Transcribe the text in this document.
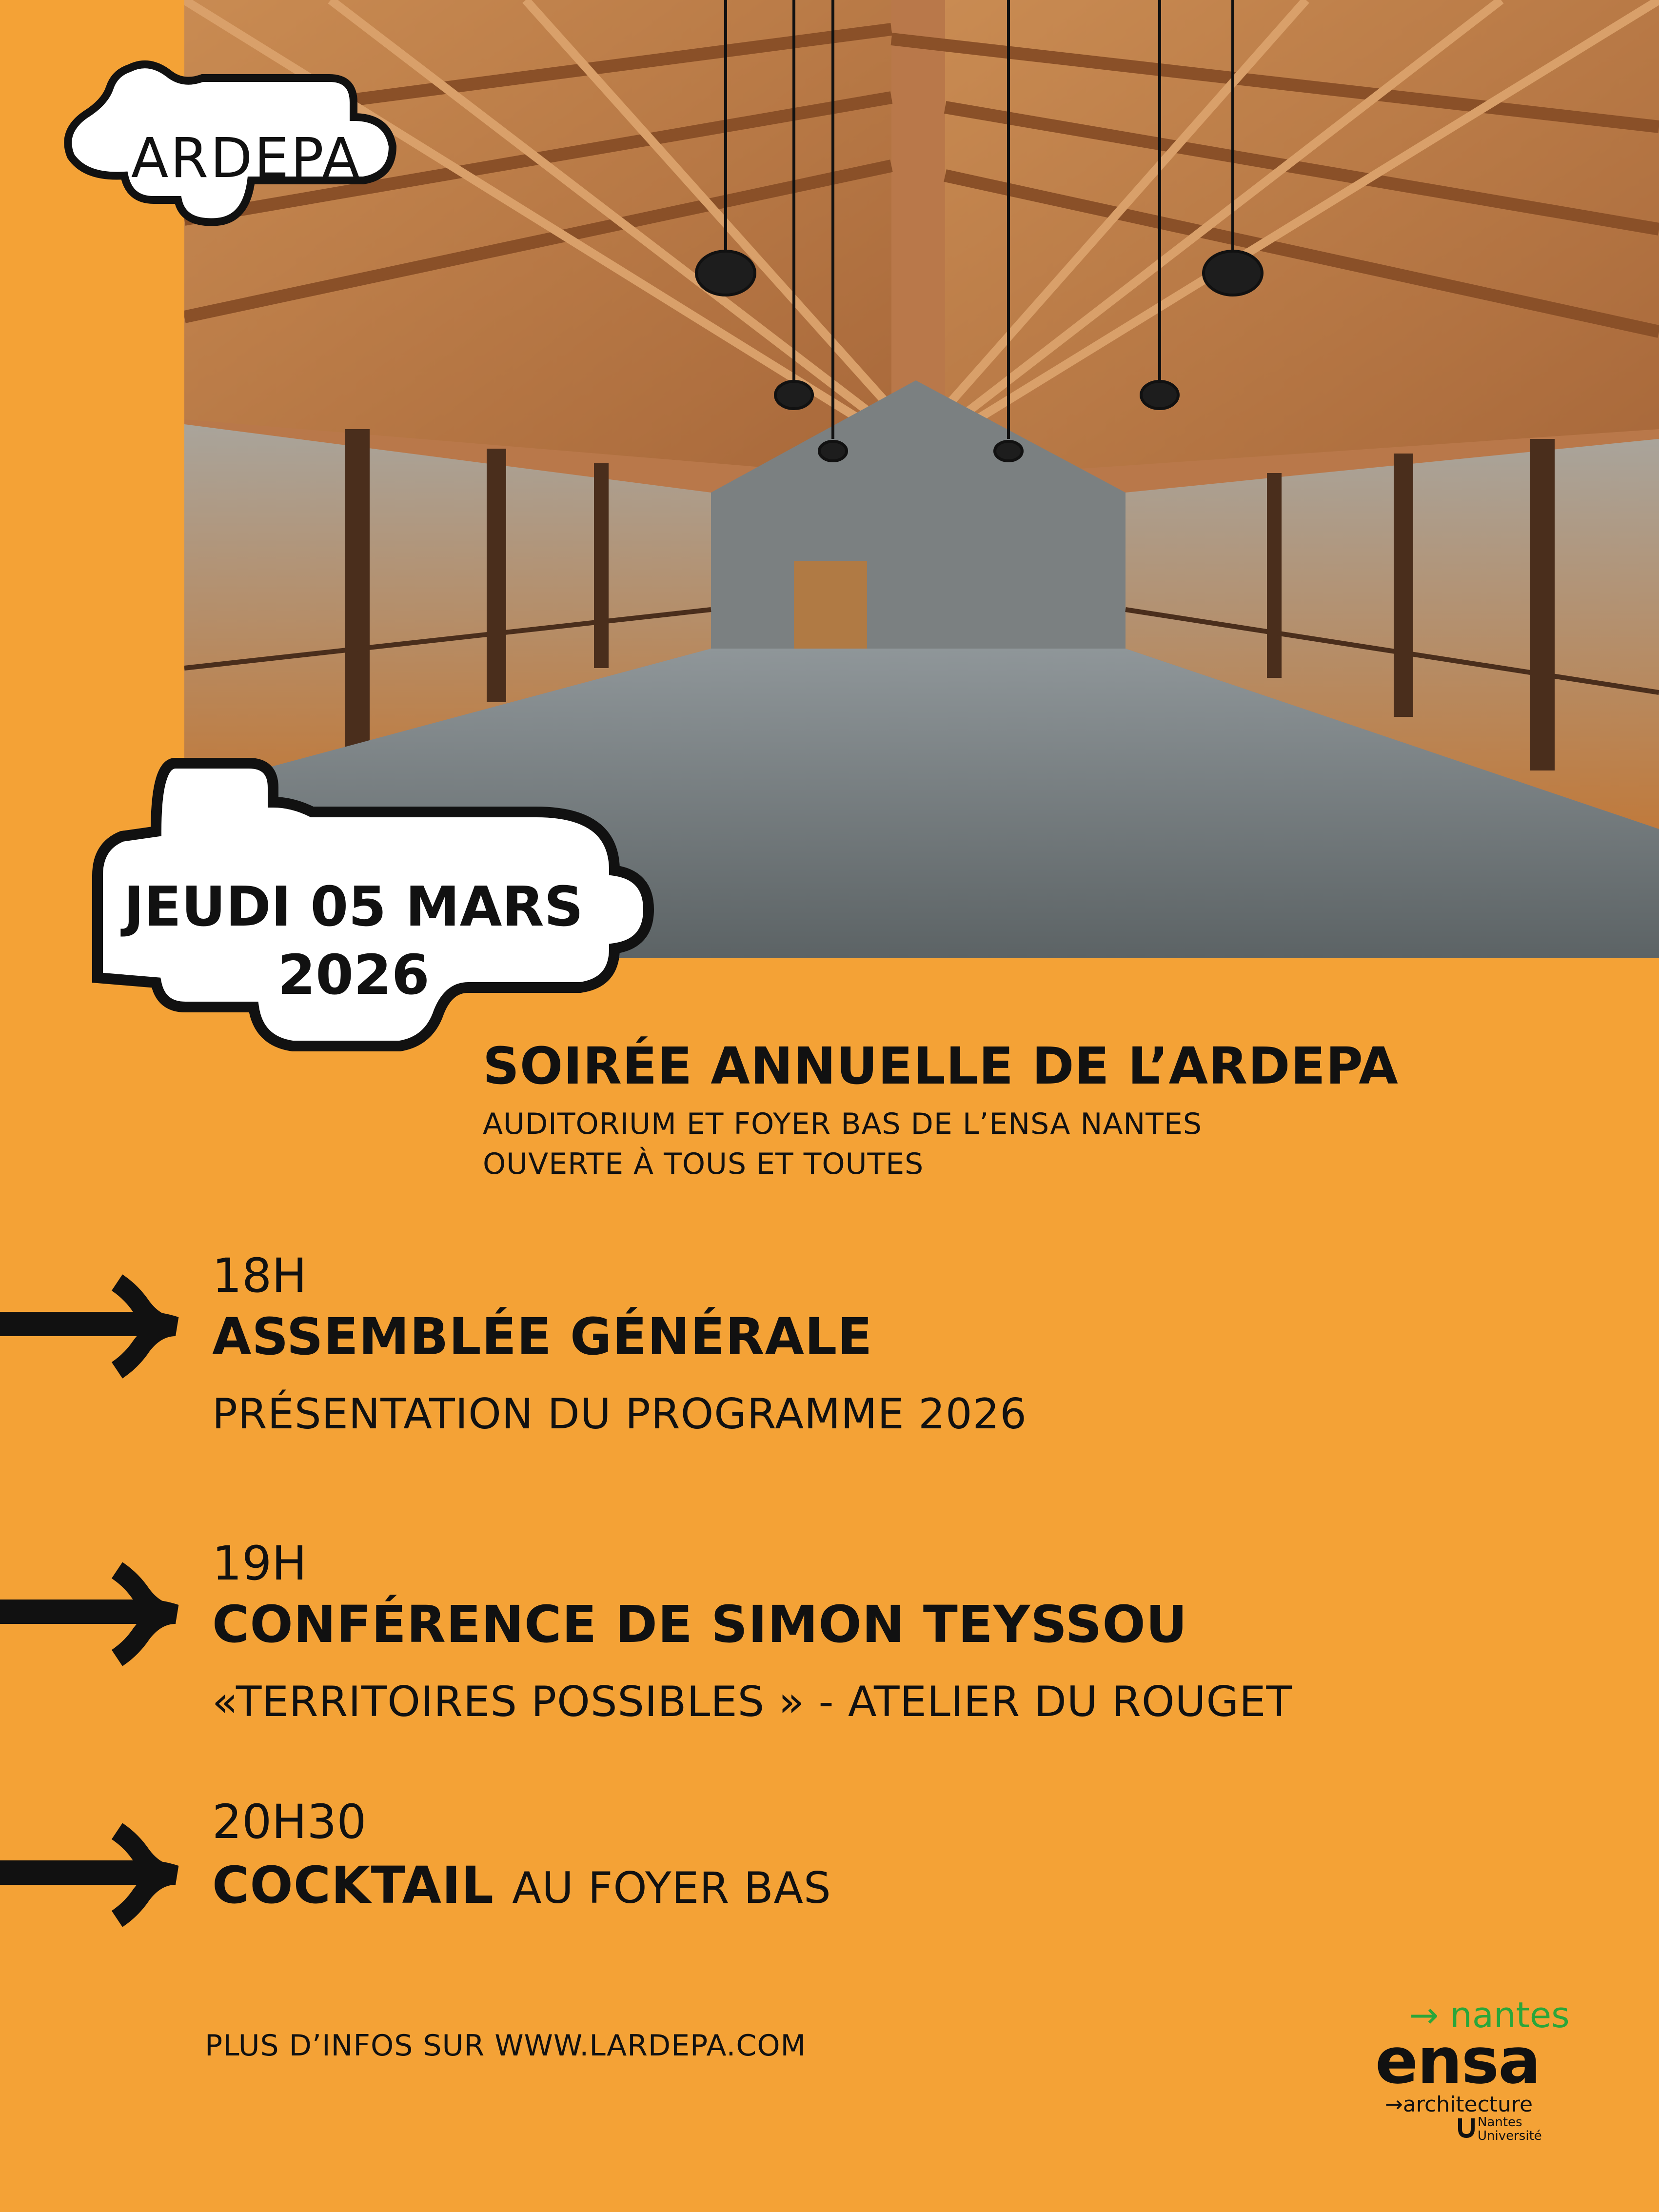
ARDEPA
JEUDI 05 MARS
2026
SOIRÉE ANNUELLE DE L’ARDEPA
AUDITORIUM ET FOYER BAS DE L’ENSA NANTES
OUVERTE À TOUS ET TOUTES
18H
ASSEMBLÉE GÉNÉRALE
PRÉSENTATION DU PROGRAMME 2026
19H
CONFÉRENCE DE SIMON TEYSSOU
«TERRITOIRES POSSIBLES » - ATELIER DU ROUGET
20H30
COCKTAIL AU FOYER BAS
PLUS D’INFOS SUR WWW.LARDEPA.COM
→ nantes
ensa
→architecture
Nantes
Université
